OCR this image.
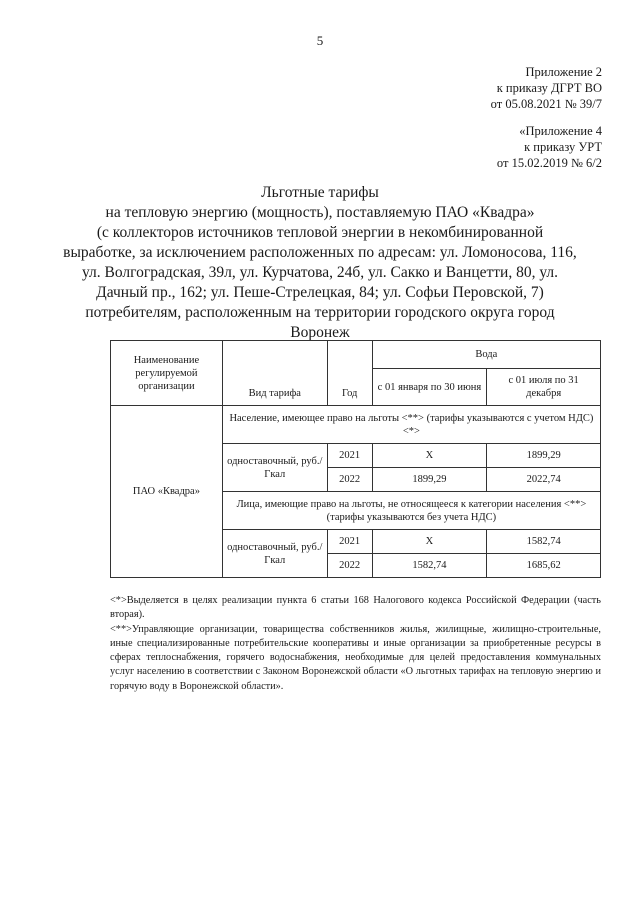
5
Приложение 2
к приказу ДГРТ ВО
от 05.08.2021 № 39/7
«Приложение 4
к приказу УРТ
от 15.02.2019 № 6/2
Льготные тарифы
на тепловую энергию (мощность), поставляемую ПАО «Квадра»
(с коллекторов источников тепловой энергии в некомбинированной
выработке, за исключением расположенных по адресам: ул. Ломоносова, 116,
ул. Волгоградская, 39л, ул. Курчатова, 24б, ул. Сакко и Ванцетти, 80, ул.
Дачный пр., 162; ул. Пеше-Стрелецкая, 84; ул. Софьи Перовской, 7)
потребителям, расположенным на территории городского округа город
Воронеж
Наименование регулируемой организации	Вид тарифа	Год	Вода	
			с 01 января по 30 июня	с 01 июля по 31 декабря
ПАО «Квадра»	Население, имеющее право на льготы <**> (тарифы указываются с учетом НДС) <*>			
	одноставочный, руб./Гкал	2021	X	1899,29
		2022	1899,29	2022,74
	Лица, имеющие право на льготы, не относящееся к категории населения <**> (тарифы указываются без учета НДС)			
	одноставочный, руб./Гкал	2021	X	1582,74
		2022	1582,74	1685,62

<*>Выделяется в целях реализации пункта 6 статьи 168 Налогового кодекса Российской Федерации (часть вторая).

<**>Управляющие организации, товарищества собственников жилья, жилищные, жилищно-строительные, иные специализированные потребительские кооперативы и иные организации за приобретенные ресурсы в сферах теплоснабжения, горячего водоснабжения, необходимые для целей предоставления коммунальных услуг населению в соответствии с Законом Воронежской области «О льготных тарифах на тепловую энергию и горячую воду в Воронежской области».
